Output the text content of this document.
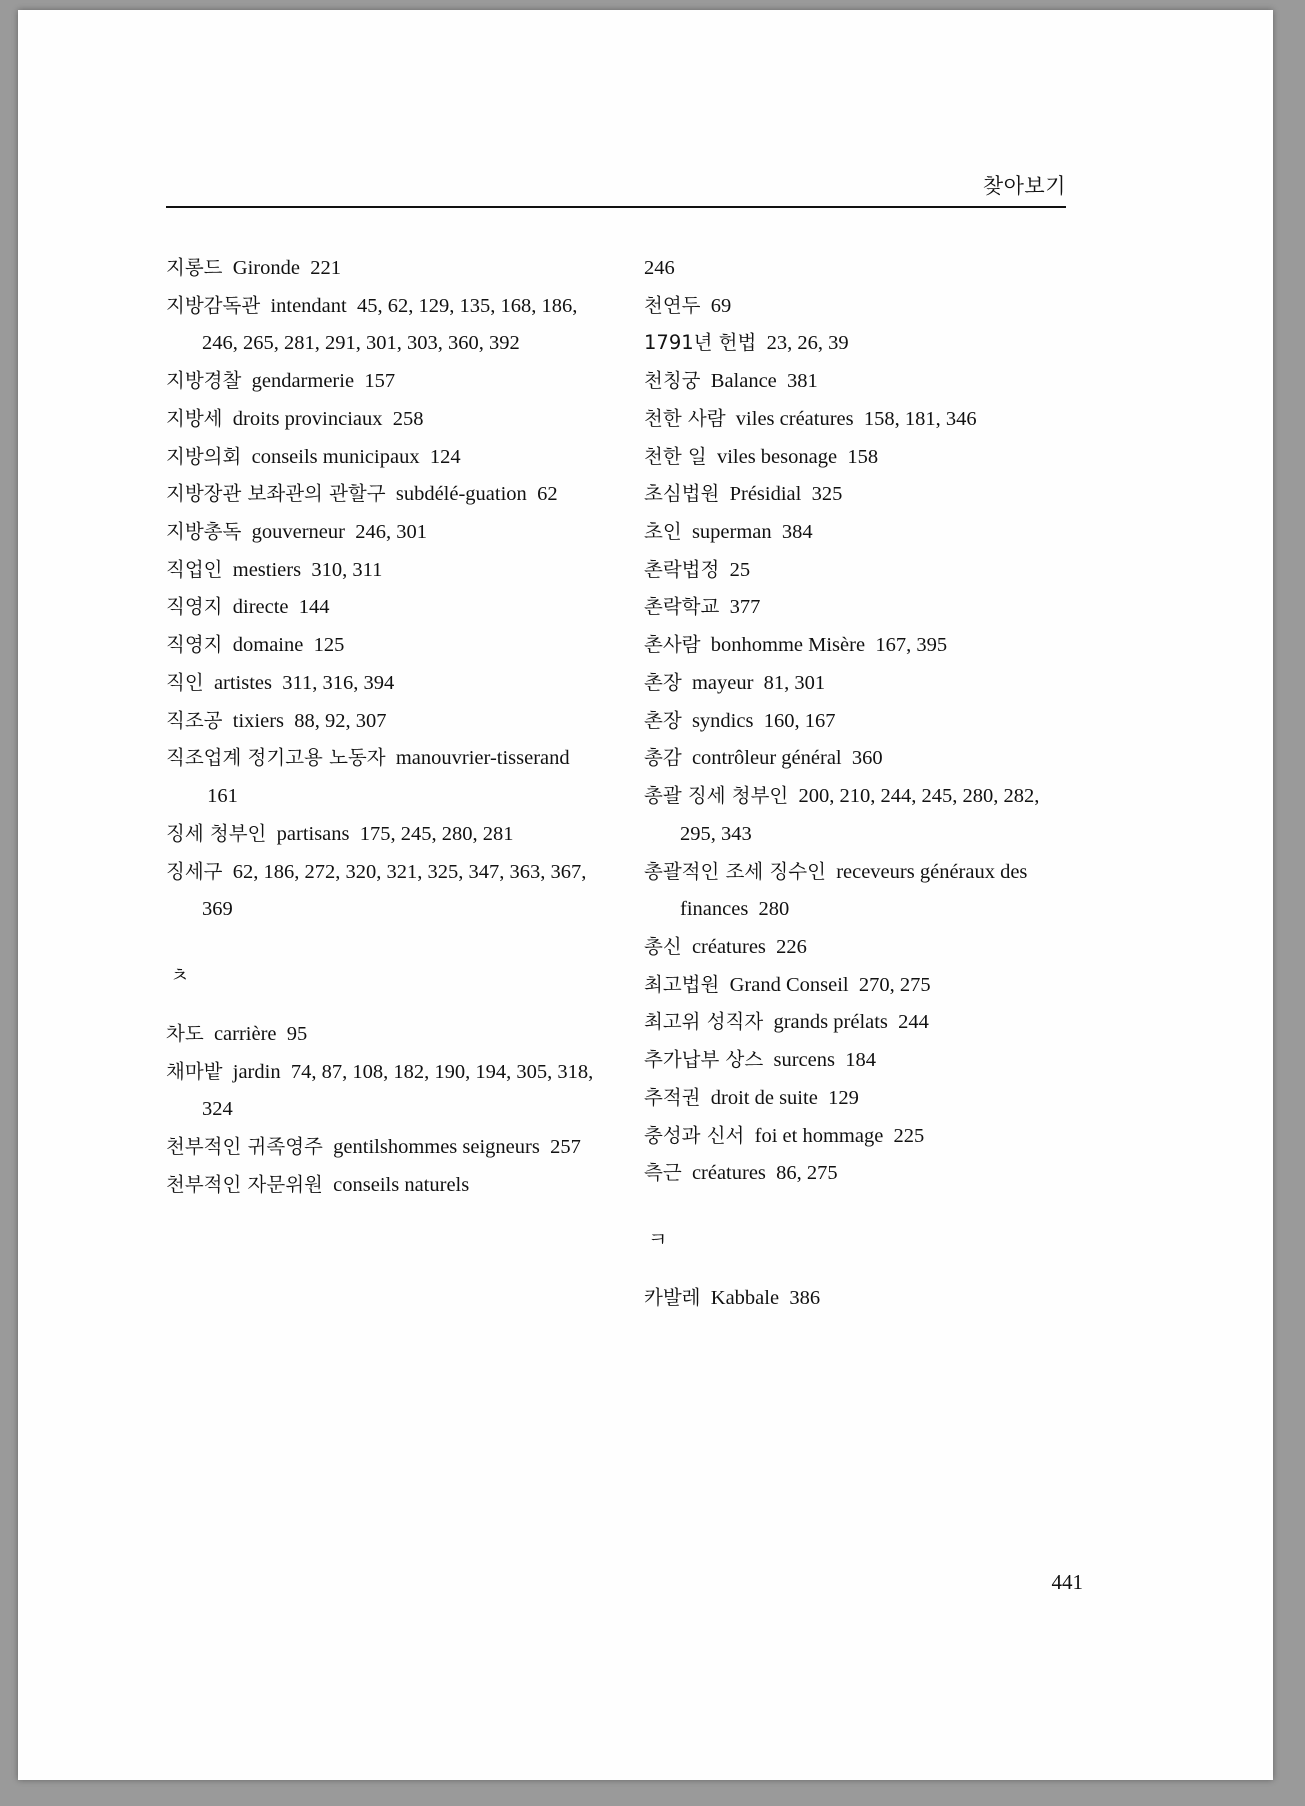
찾아보기
지롱드 Gironde 221
지방감독관 intendant 45, 62, 129, 135, 168, 186, 246, 265, 281, 291, 301, 303, 360, 392
지방경찰 gendarmerie 157
지방세 droits provinciaux 258
지방의회 conseils municipaux 124
지방장관 보좌관의 관할구 subdélé-guation 62
지방총독 gouverneur 246, 301
직업인 mestiers 310, 311
직영지 directe 144
직영지 domaine 125
직인 artistes 311, 316, 394
직조공 tixiers 88, 92, 307
직조업계 정기고용 노동자 manouvrier-tisserand  161
징세 청부인 partisans 175, 245, 280, 281
징세구 62, 186, 272, 320, 321, 325, 347, 363, 367, 369
ㅊ
차도 carrière 95
채마밭 jardin 74, 87, 108, 182, 190, 194, 305, 318, 324
천부적인 귀족영주 gentilshommes seigneurs 257
천부적인 자문위원 conseils naturels
246
천연두 69
1791년 헌법 23, 26, 39
천칭궁 Balance 381
천한 사람 viles créatures 158, 181, 346
천한 일 viles besonage 158
초심법원 Présidial 325
초인 superman 384
촌락법정 25
촌락학교 377
촌사람 bonhomme Misère 167, 395
촌장 mayeur 81, 301
촌장 syndics 160, 167
총감 contrôleur général 360
총괄 징세 청부인 200, 210, 244, 245, 280, 282, 295, 343
총괄적인 조세 징수인 receveurs généraux des finances 280
총신 créatures 226
최고법원 Grand Conseil 270, 275
최고위 성직자 grands prélats 244
추가납부 상스 surcens 184
추적권 droit de suite 129
충성과 신서 foi et hommage 225
측근 créatures 86, 275
ㅋ
카발레 Kabbale 386
441
